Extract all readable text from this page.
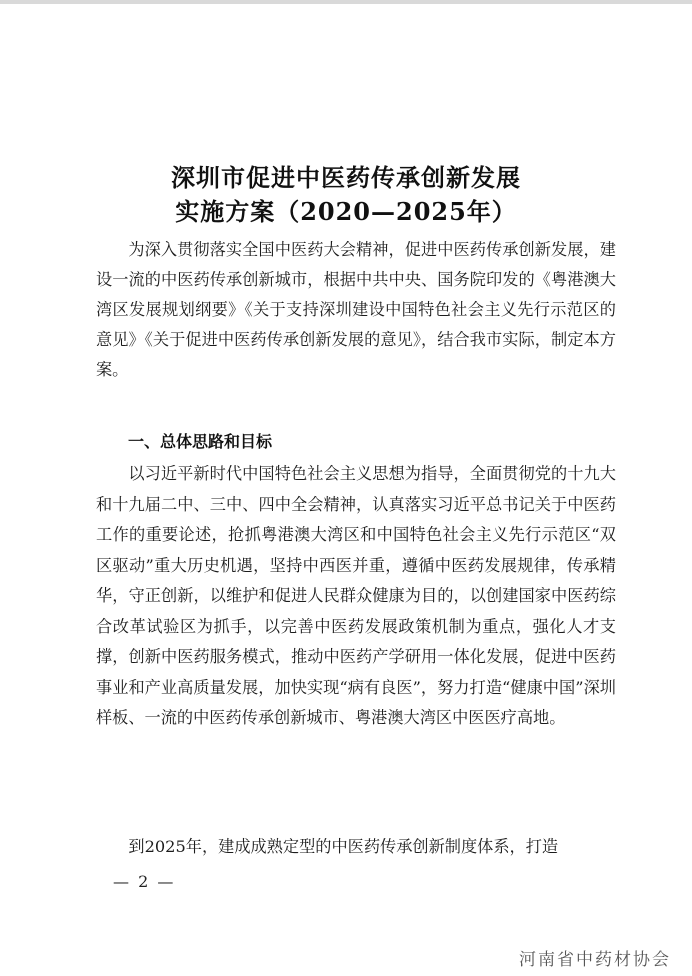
深圳市促进中医药传承创新发展
实施方案（2020—2025年）

为深入贯彻落实全国中医药大会精神，促进中医药传承创新发展，建设一流的中医药传承创新城市，根据中共中央、国务院印发的《粤港澳大湾区发展规划纲要》《关于支持深圳建设中国特色社会主义先行示范区的意见》《关于促进中医药传承创新发展的意见》，结合我市实际，制定本方案。

一、总体思路和目标

以习近平新时代中国特色社会主义思想为指导，全面贯彻党的十九大和十九届二中、三中、四中全会精神，认真落实习近平总书记关于中医药工作的重要论述，抢抓粤港澳大湾区和中国特色社会主义先行示范区“双区驱动”重大历史机遇，坚持中西医并重，遵循中医药发展规律，传承精华，守正创新，以维护和促进人民群众健康为目的，以创建国家中医药综合改革试验区为抓手，以完善中医药发展政策机制为重点，强化人才支撑，创新中医药服务模式，推动中医药产学研用一体化发展，促进中医药事业和产业高质量发展，加快实现“病有良医”，努力打造“健康中国”深圳样板、一流的中医药传承创新城市、粤港澳大湾区中医医疗高地。

到2025年，建成成熟定型的中医药传承创新制度体系，打造

— 2 —
河南省中药材协会
